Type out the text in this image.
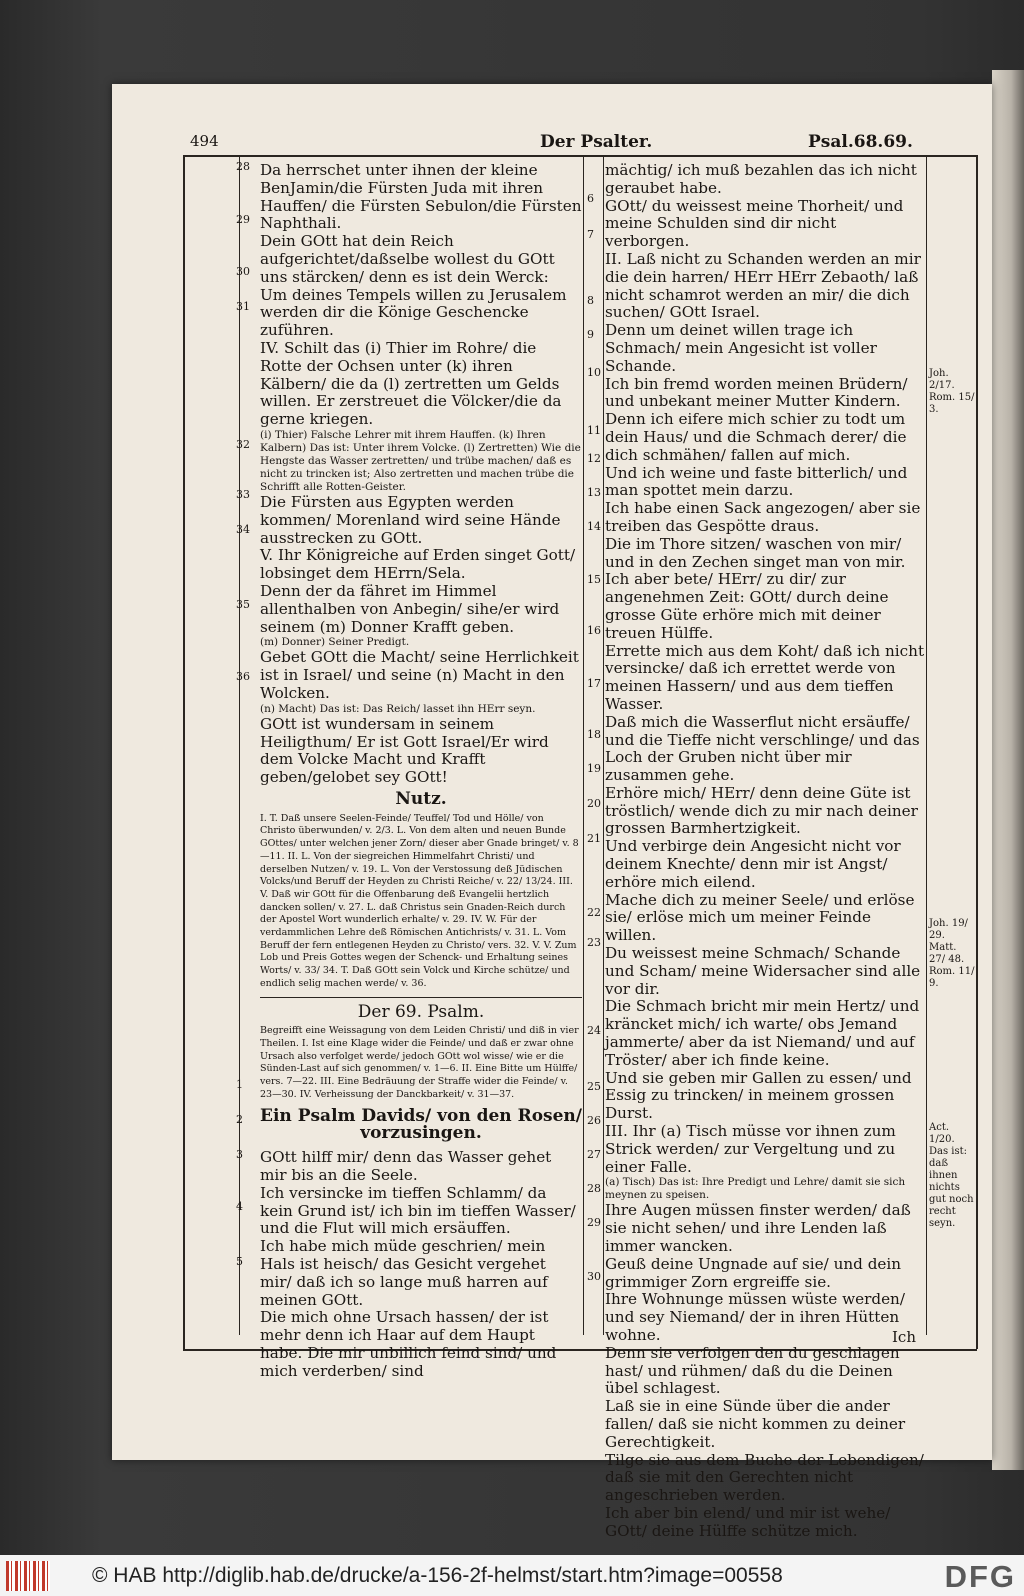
494	Der Psalter.	Psal.68.69.

Da herrschet unter ihnen der kleine BenJamin/die Fürsten Juda mit ihren Hauffen/ die Fürsten Sebulon/die Fürsten Naphthali.

Dein GOtt hat dein Reich aufgerichtet/daßselbe wollest du GOtt uns stärcken/ denn es ist dein Werck:

Um deines Tempels willen zu Jerusalem werden dir die Könige Geschencke zuführen.

IV. Schilt das (i) Thier im Rohre/ die Rotte der Ochsen unter (k) ihren Kälbern/ die da (l) zertretten um Gelds willen. Er zerstreuet die Völcker/die da gerne kriegen.

(i) Thier) Falsche Lehrer mit ihrem Hauffen. (k) Ihren Kalbern) Das ist: Unter ihrem Volcke. (l) Zertretten) Wie die Hengste das Wasser zertretten/ und trübe machen/ daß es nicht zu trincken ist; Also zertretten und machen trübe die Schrifft alle Rotten-Geister.

Die Fürsten aus Egypten werden kommen/ Morenland wird seine Hände ausstrecken zu GOtt.

V. Ihr Königreiche auf Erden singet Gott/ lobsinget dem HErrn/Sela.

Denn der da fähret im Himmel allenthalben von Anbegin/ sihe/er wird seinem (m) Donner Krafft geben.

(m) Donner) Seiner Predigt.

Gebet GOtt die Macht/ seine Herrlichkeit ist in Israel/ und seine (n) Macht in den Wolcken.

(n) Macht) Das ist: Das Reich/ lasset ihn HErr seyn.

GOtt ist wundersam in seinem Heiligthum/ Er ist Gott Israel/Er wird dem Volcke Macht und Krafft geben/gelobet sey GOtt!

Nutz.

I. T. Daß unsere Seelen-Feinde/ Teuffel/ Tod und Hölle/ von Christo überwunden/ v. 2/3. L. Von dem alten und neuen Bunde GOttes/ unter welchen jener Zorn/ dieser aber Gnade bringet/ v. 8—11. II. L. Von der siegreichen Himmelfahrt Christi/ und derselben Nutzen/ v. 19. L. Von der Verstossung deß Jüdischen Volcks/und Beruff der Heyden zu Christi Reiche/ v. 22/ 13/24. III. V. Daß wir GOtt für die Offenbarung deß Evangelii hertzlich dancken sollen/ v. 27. L. daß Christus sein Gnaden-Reich durch der Apostel Wort wunderlich erhalte/ v. 29. IV. W. Für der verdammlichen Lehre deß Römischen Antichrists/ v. 31. L. Vom Beruff der fern entlegenen Heyden zu Christo/ vers. 32. V. V. Zum Lob und Preis Gottes wegen der Schenck- und Erhaltung seines Worts/ v. 33/ 34. T. Daß GOtt sein Volck und Kirche schütze/ und endlich selig machen werde/ v. 36.

Der 69. Psalm.

Begreifft eine Weissagung von dem Leiden Christi/ und diß in vier Theilen. I. Ist eine Klage wider die Feinde/ und daß er zwar ohne Ursach also verfolget werde/ jedoch GOtt wol wisse/ wie er die Sünden-Last auf sich genommen/ v. 1—6. II. Eine Bitte um Hülffe/ vers. 7—22. III. Eine Bedräuung der Straffe wider die Feinde/ v. 23—30. IV. Verheissung der Danckbarkeit/ v. 31—37.

Ein Psalm Davids/ von den Rosen/ vorzusingen.

GOtt hilff mir/ denn das Wasser gehet mir bis an die Seele.

Ich versincke im tieffen Schlamm/ da kein Grund ist/ ich bin im tieffen Wasser/ und die Flut will mich ersäuffen.

Ich habe mich müde geschrien/ mein Hals ist heisch/ das Gesicht vergehet mir/ daß ich so lange muß harren auf meinen GOtt.

Die mich ohne Ursach hassen/ der ist mehr denn ich Haar auf dem Haupt habe. Die mir unbillich feind sind/ und mich verderben/ sind

28
29
30
31
32
33
34
35
36
1
2
3
4
5

mächtig/ ich muß bezahlen das ich nicht geraubet habe.

GOtt/ du weissest meine Thorheit/ und meine Schulden sind dir nicht verborgen.

II. Laß nicht zu Schanden werden an mir die dein harren/ HErr HErr Zebaoth/ laß nicht schamrot werden an mir/ die dich suchen/ GOtt Israel.

Denn um deinet willen trage ich Schmach/ mein Angesicht ist voller Schande.

Ich bin fremd worden meinen Brüdern/ und unbekant meiner Mutter Kindern.

Denn ich eifere mich schier zu todt um dein Haus/ und die Schmach derer/ die dich schmähen/ fallen auf mich.

Und ich weine und faste bitterlich/ und man spottet mein darzu.

Ich habe einen Sack angezogen/ aber sie treiben das Gespötte draus.

Die im Thore sitzen/ waschen von mir/ und in den Zechen singet man von mir.

Ich aber bete/ HErr/ zu dir/ zur angenehmen Zeit: GOtt/ durch deine grosse Güte erhöre mich mit deiner treuen Hülffe.

Errette mich aus dem Koht/ daß ich nicht versincke/ daß ich errettet werde von meinen Hassern/ und aus dem tieffen Wasser.

Daß mich die Wasserflut nicht ersäuffe/ und die Tieffe nicht verschlinge/ und das Loch der Gruben nicht über mir zusammen gehe.

Erhöre mich/ HErr/ denn deine Güte ist tröstlich/ wende dich zu mir nach deiner grossen Barmhertzigkeit.

Und verbirge dein Angesicht nicht vor deinem Knechte/ denn mir ist Angst/ erhöre mich eilend.

Mache dich zu meiner Seele/ und erlöse sie/ erlöse mich um meiner Feinde willen.

Du weissest meine Schmach/ Schande und Scham/ meine Widersacher sind alle vor dir.

Die Schmach bricht mir mein Hertz/ und kräncket mich/ ich warte/ obs Jemand jammerte/ aber da ist Niemand/ und auf Tröster/ aber ich finde keine.

Und sie geben mir Gallen zu essen/ und Essig zu trincken/ in meinem grossen Durst.

III. Ihr (a) Tisch müsse vor ihnen zum Strick werden/ zur Vergeltung und zu einer Falle.

(a) Tisch) Das ist: Ihre Predigt und Lehre/ damit sie sich meynen zu speisen.

Ihre Augen müssen finster werden/ daß sie nicht sehen/ und ihre Lenden laß immer wancken.

Geuß deine Ungnade auf sie/ und dein grimmiger Zorn ergreiffe sie.

Ihre Wohnunge müssen wüste werden/ und sey Niemand/ der in ihren Hütten wohne.

Denn sie verfolgen den du geschlagen hast/ und rühmen/ daß du die Deinen übel schlagest.

Laß sie in eine Sünde über die ander fallen/ daß sie nicht kommen zu deiner Gerechtigkeit.

Tilge sie aus dem Buche der Lebendigen/ daß sie mit den Gerechten nicht angeschrieben werden.

Ich aber bin elend/ und mir ist wehe/ GOtt/ deine Hülffe schütze mich.

6
7
8
9
10
11
12
13
14
15
16
17
18
19
20
21
22
23
24
25
26
27
28
29
30
Ich
Joh. 2/17. Rom. 15/ 3.
Joh. 19/ 29. Matt. 27/ 48. Rom. 11/ 9.
Act. 1/20. Das ist: daß ihnen nichts gut noch recht seyn.
© HAB http://diglib.hab.de/drucke/a-156-2f-helmst/start.htm?image=00558	DFG
